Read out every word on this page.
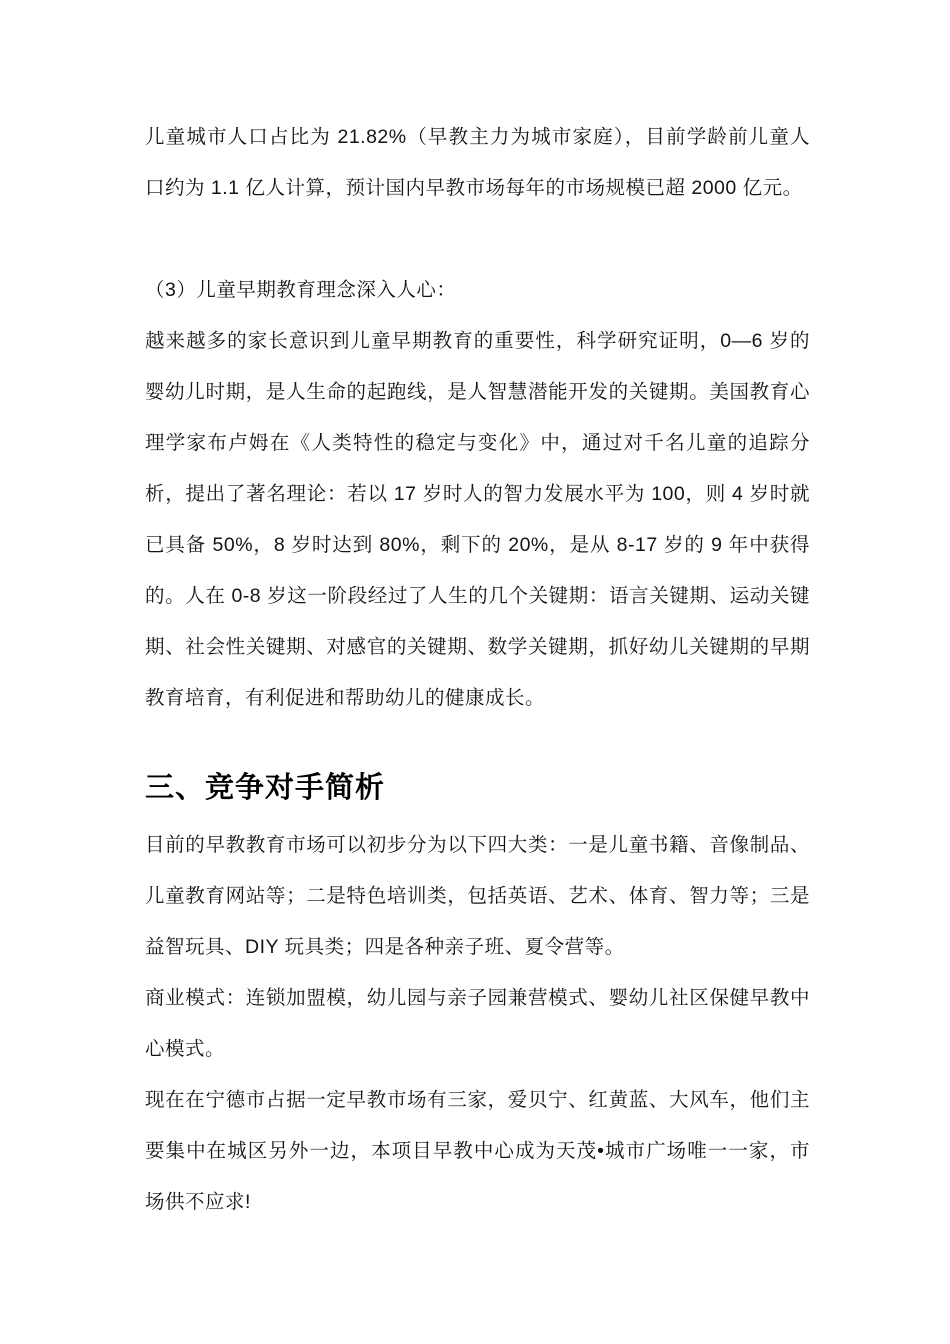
儿童城市人口占比为 21.82%（早教主力为城市家庭），目前学龄前儿童人口约为 1.1 亿人计算，预计国内早教市场每年的市场规模已超 2000 亿元。

（3）儿童早期教育理念深入人心：

越来越多的家长意识到儿童早期教育的重要性，科学研究证明，0—6 岁的婴幼儿时期，是人生命的起跑线，是人智慧潜能开发的关键期。美国教育心理学家布卢姆在《人类特性的稳定与变化》中，通过对千名儿童的追踪分析，提出了著名理论：若以 17 岁时人的智力发展水平为 100，则 4 岁时就已具备 50%，8 岁时达到 80%，剩下的 20%，是从 8-17 岁的 9 年中获得的。人在 0-8 岁这一阶段经过了人生的几个关键期：语言关键期、运动关键期、社会性关键期、对感官的关键期、数学关键期，抓好幼儿关键期的早期教育培育，有利促进和帮助幼儿的健康成长。

三、竞争对手简析

目前的早教教育市场可以初步分为以下四大类：一是儿童书籍、音像制品、儿童教育网站等；二是特色培训类，包括英语、艺术、体育、智力等；三是益智玩具、DIY 玩具类；四是各种亲子班、夏令营等。

商业模式：连锁加盟模，幼儿园与亲子园兼营模式、婴幼儿社区保健早教中心模式。

现在在宁德市占据一定早教市场有三家，爱贝宁、红黄蓝、大风车，他们主要集中在城区另外一边，本项目早教中心成为天茂•城市广场唯一一家，市场供不应求!
